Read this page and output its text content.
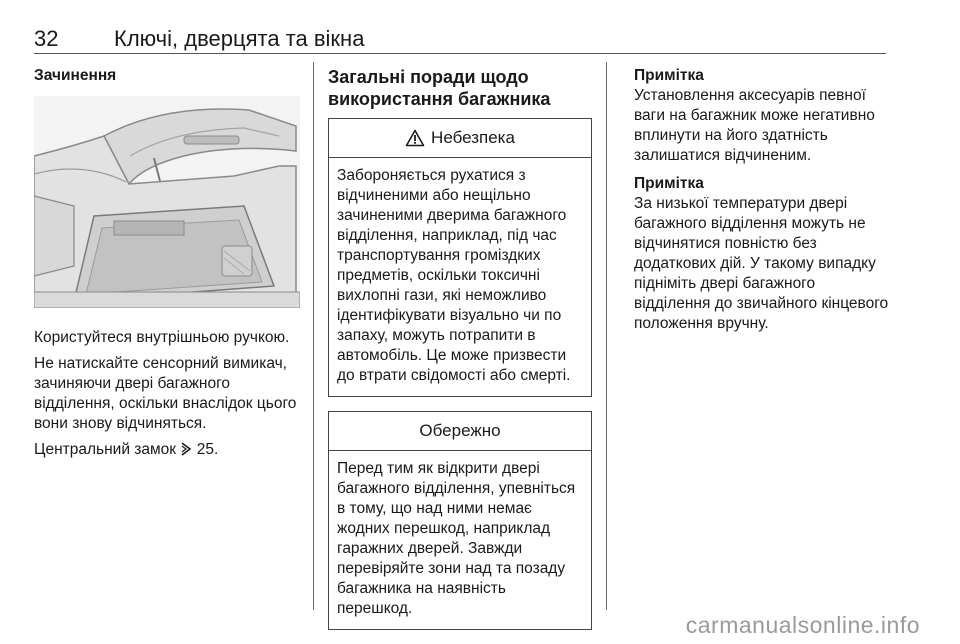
32	Ключі, дверцята та вікна
Зачинення

Користуйтеся внутрішньою ручкою.

Не натискайте сенсорний вимикач, зачиняючи двері багажного відділення, оскільки внаслідок цього вони знову відчиняться.

Центральний замок 25.

Загальні поради щодо використання багажника
Небезпека
Забороняється рухатися з відчиненими або нещільно зачиненими дверима багажного відділення, наприклад, під час транспортування громіздких предметів, оскільки токсичні вихлопні гази, які неможливо ідентифікувати візуально чи по запаху, можуть потрапити в автомобіль. Це може призвести до втрати свідомості або смерті.
Обережно
Перед тим як відкрити двері багажного відділення, упевніться в тому, що над ними немає жодних перешкод, наприклад гаражних дверей. Завжди перевіряйте зони над та позаду багажника на наявність перешкод.
Примітка
Установлення аксесуарів певної ваги на багажник може негативно вплинути на його здатність залишатися відчиненим.
Примітка
За низької температури двері багажного відділення можуть не відчинятися повністю без додаткових дій. У такому випадку підніміть двері багажного відділення до звичайного кінцевого положення вручну.
carmanualsonline.info
